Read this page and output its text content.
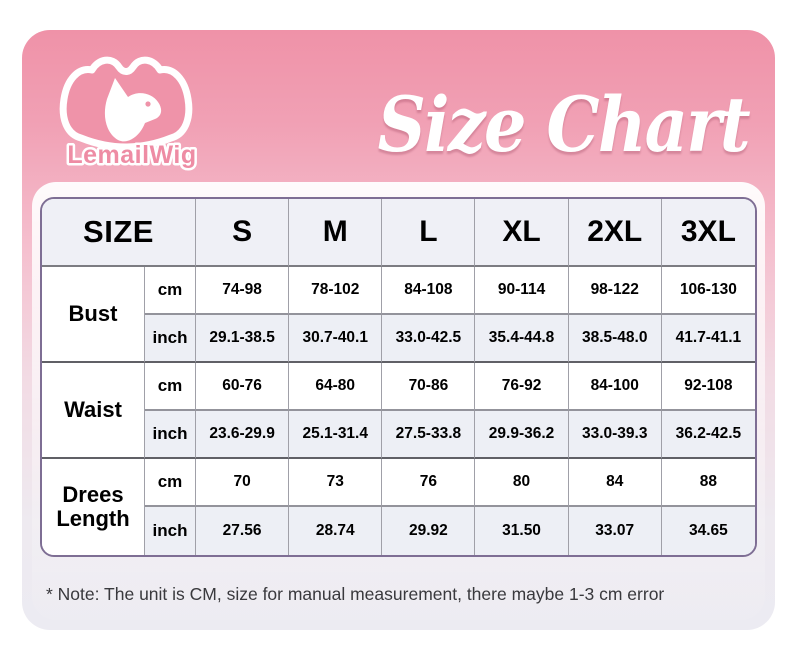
LemailWig Size Chart
SIZE		S	M	L	XL	2XL	3XL
Bust	cm	74-98	78-102	84-108	90-114	98-122	106-130
	inch	29.1-38.5	30.7-40.1	33.0-42.5	35.4-44.8	38.5-48.0	41.7-41.1
Waist	cm	60-76	64-80	70-86	76-92	84-100	92-108
	inch	23.6-29.9	25.1-31.4	27.5-33.8	29.9-36.2	33.0-39.3	36.2-42.5
Drees Length	cm	70	73	76	80	84	88
	inch	27.56	28.74	29.92	31.50	33.07	34.65

* Note: The unit is CM, size for manual measurement, there maybe 1-3 cm error
